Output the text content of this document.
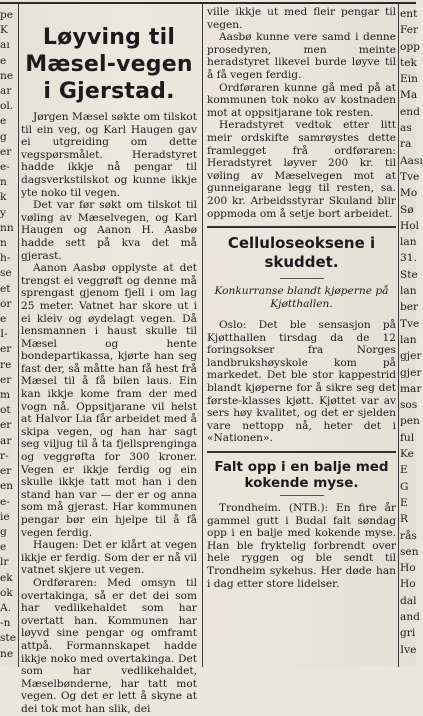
pe
K
aı
e
ne
ar
ol.
e
g
er
e-
n
k
y
nn
n
h-
se
et
or
e
I-
er
re
er
m
ot
er
ar
r-
er
en
e-
ie
g
e
lr
ek
ok
A.
-n
ste
ne
Løyving til Mæsel-vegen i Gjerstad.

Jørgen Mæsel søkte om tilskot til ein veg, og Karl Haugen gav ei utgreiding om dette vegspørsmålet. Heradstyret hadde ikkje nå pengar til dagsverkstilskot og kunne ikkje yte noko til vegen.

Det var før søkt om tilskot til vøling av Mæselvegen, og Karl Haugen og Aanon H. Aasbø hadde sett på kva det må gjerast.

Aanon Aasbø opplyste at det trengst ei veggrøft og denne må sprengast gjenom fjell i om lag 25 meter. Vatnet har skore ut i ei kleiv og øydelagt vegen. Då lensmannen i haust skulle til Mæsel og hente bondepartikassa, kjørte han seg fast der, så måtte han få hest frå Mæsel til å få bilen laus. Ein kan ikkje kome fram der med vogn nå. Oppsitjarane vil helst at Halvor Lia får arbeidet med å skipa vegen, og han har sagt seg viljug til å ta fjellsprenginga og veggrøfta for 300 kroner. Vegen er ikkje ferdig og ein skulle ikkje tatt mot han i den stand han var — der er og anna som må gjerast. Har kommunen pengar bør ein hjelpe til å få vegen ferdig.

Haugen: Det er klårt at vegen ikkje er ferdig. Som der er nå vil vatnet skjere ut vegen.

Ordføraren: Med omsyn til overtakinga, så er det dei som har vedlikehaldet som har overtatt han. Kommunen har løyvd sine pengar og omframt attpå. Formannskapet hadde ikkje noko med overtakinga. Det som har vedlikehaldet, Mæselbønderne, har tatt mot vegen. Og det er lett å skyne at dei tok mot han slik, dei

ville ikkje ut med fleir pengar til vegen.

Aasbø kunne vere samd i denne prosedyren, men meinte heradstyret likevel burde løyve til å få vegen ferdig.

Ordføraren kunne gå med på at kommunen tok noko av kostnaden mot at oppsitjarane tok resten.

Heradstyret vedtok etter litt meir ordskifte samrøystes dette framlegget frå ordføraren: Heradstyret løyver 200 kr. til vøling av Mæselvegen mot at gunneigarane legg til resten, sa. 200 kr. Arbeidsstyrar Skuland blir oppmoda om å setje bort arbeidet.

Celluloseoksene i skuddet.
Konkurranse blandt kjøperne på Kjøtthallen.

Oslo: Det ble sensasjon på Kjøtthallen tirsdag da de 12 foringsokser fra Norges landbrukshøyskole kom på markedet. Det ble stor kappestrid blandt kjøperne for å sikre seg det første-klasses kjøtt. Kjøttet var av sers høy kvalitet, og det er sjelden vare nettopp nå, heter det i «Nationen».

Falt opp i en balje med kokende myse.

Trondheim. (NTB.): En fire år gammel gutt i Budal falt søndag opp i en balje med kokende myse. Han ble fryktelig forbrendt over hele ryggen og ble sendt til Trondheim sykehus. Her døde han i dag etter store lidelser.

ent
Fer
opp
tek
Ein
Ma
end
as
ra
Aası
Tve
Mo
Sø
Hol
lan
31.
Ste
lan
ber
Tve
lan
gjer
gjer
mar
sos
pen
ful
Ke
E
G
E
R
rås
sen
Ho
Ho
dal
and
gri
Ive
